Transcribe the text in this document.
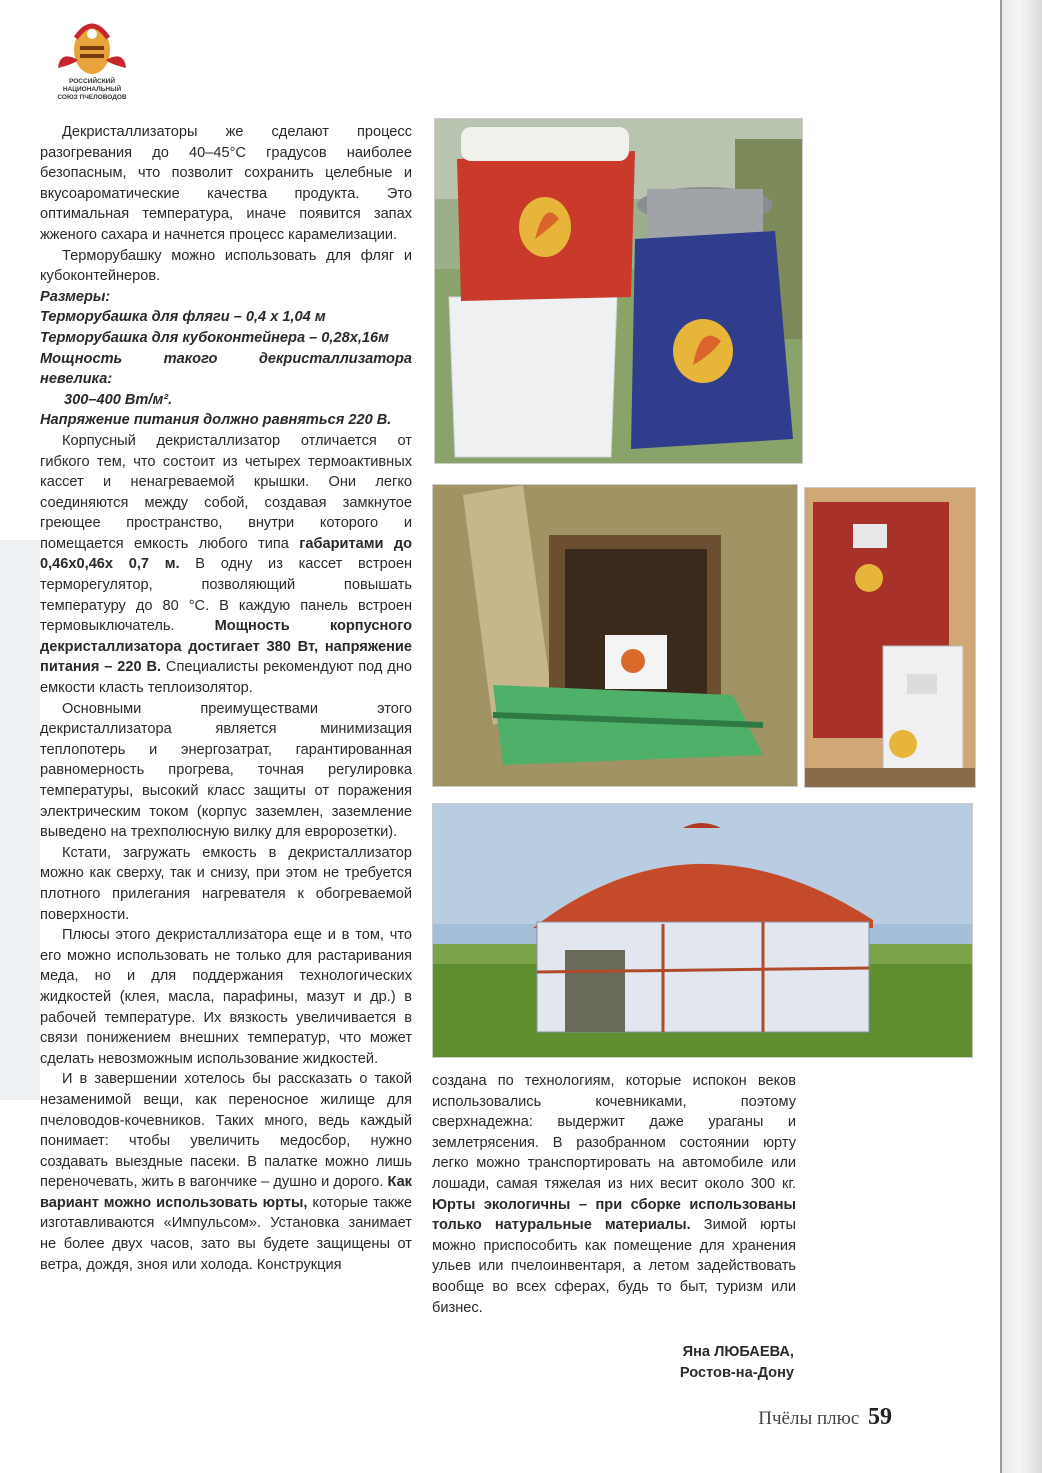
РОССИЙСКИЙ
НАЦИОНАЛЬНЫЙ
СОЮЗ ПЧЕЛОВОДОВ

Декристаллизаторы же сделают процесс разогревания до 40–45°С градусов наиболее безопасным, что позволит сохранить целебные и вкусоароматические качества продукта. Это оптимальная температура, иначе появится запах жженого сахара и начнется процесс карамелизации.

Терморубашку можно использовать для фляг и кубоконтейнеров.

Размеры:

Терморубашка для фляги – 0,4 х 1,04 м

Терморубашка для кубоконтейнера – 0,28х,16м

Мощность такого декристаллизатора невелика:

300–400 Вт/м².

Напряжение питания должно равняться 220 В.

Корпусный декристаллизатор отличается от гибкого тем, что состоит из четырех термоактивных кассет и ненагреваемой крышки. Они легко соединяются между собой, создавая замкнутое греющее пространство, внутри которого и помещается емкость любого типа габаритами до 0,46х0,46х 0,7 м. В одну из кассет встроен терморегулятор, позволяющий повышать температуру до 80 °С. В каждую панель встроен термовыключатель. Мощность корпусного декристаллизатора достигает 380 Вт, напряжение питания – 220 В. Специалисты рекомендуют под дно емкости класть теплоизолятор.

Основными преимуществами этого декристаллизатора является минимизация теплопотерь и энергозатрат, гарантированная равномерность прогрева, точная регулировка температуры, высокий класс защиты от поражения электрическим током (корпус заземлен, заземление выведено на трехполюсную вилку для евророзетки).

Кстати, загружать емкость в декристаллизатор можно как сверху, так и снизу, при этом не требуется плотного прилегания нагревателя к обогреваемой поверхности.

Плюсы этого декристаллизатора еще и в том, что его можно использовать не только для растаривания меда, но и для поддержания технологических жидкостей (клея, масла, парафины, мазут и др.) в рабочей температуре. Их вязкость увеличивается в связи понижением внешних температур, что может сделать невозможным использование жидкостей.

И в завершении хотелось бы рассказать о такой незаменимой вещи, как переносное жилище для пчеловодов-кочевников. Таких много, ведь каждый понимает: чтобы увеличить медосбор, нужно создавать выездные пасеки. В палатке можно лишь переночевать, жить в вагончике – душно и дорого. Как вариант можно использовать юрты, которые также изготавливаются «Импульсом». Установка занимает не более двух часов, зато вы будете защищены от ветра, дождя, зноя или холода. Конструкция

создана по технологиям, которые испокон веков использовались кочевниками, поэтому сверхнадежна: выдержит даже ураганы и землетрясения. В разобранном состоянии юрту легко можно транспортировать на автомобиле или лошади, самая тяжелая из них весит около 300 кг. Юрты экологичны – при сборке использованы только натуральные материалы. Зимой юрты можно приспособить как помещение для хранения ульев или пчелоинвентаря, а летом задействовать вообще во всех сферах, будь то быт, туризм или бизнес.

Яна ЛЮБАЕВА,
Ростов-на-Дону
Пчёлы плюс 59
